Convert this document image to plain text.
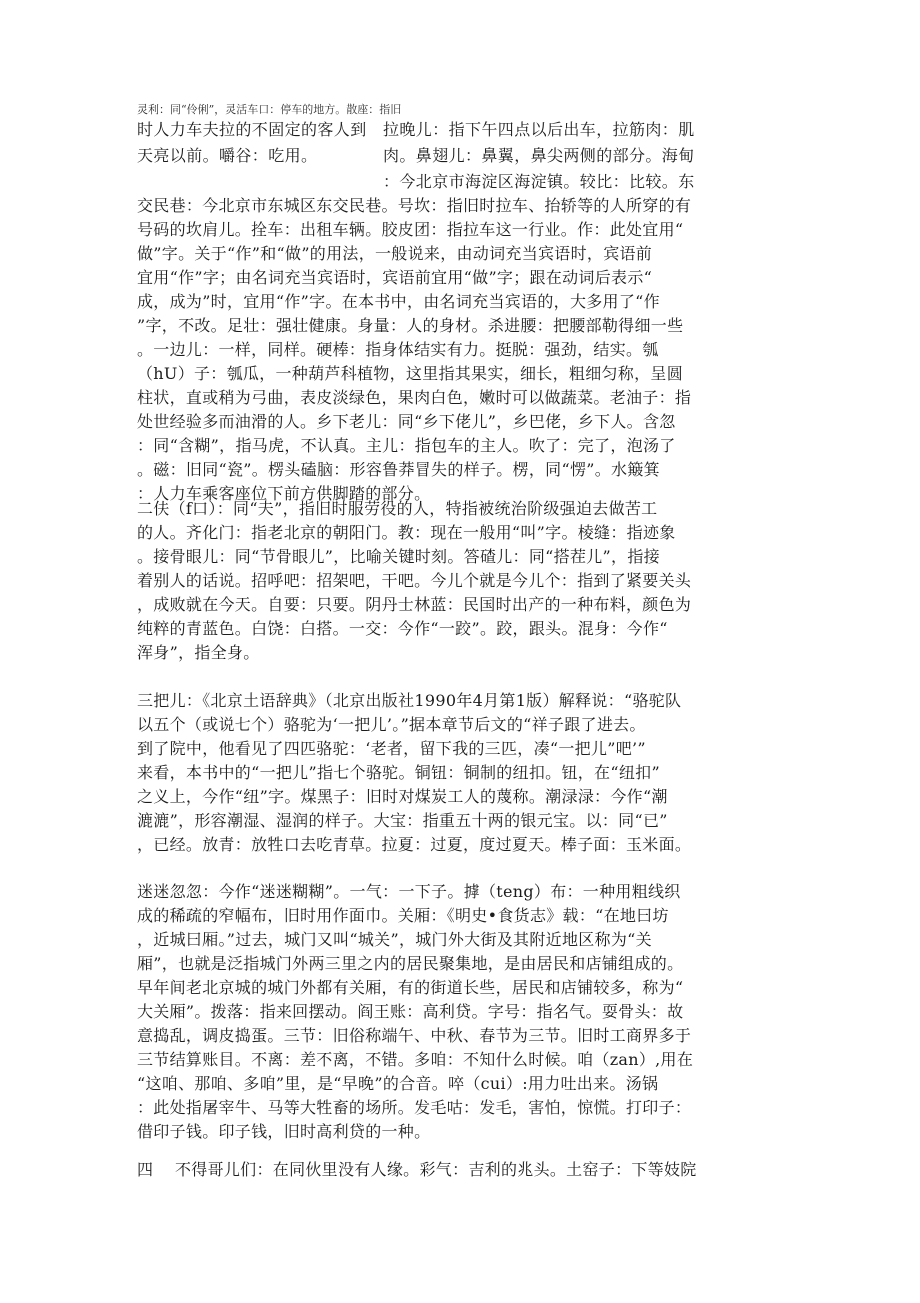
灵利：同“伶俐”，灵活车口：停车的地方。散座：指旧
时人力车夫拉的不固定的客人到
天亮以前。嚼谷：吃用。
拉晚儿：指下午四点以后出车，拉筋肉：肌
肉。鼻翅儿：鼻翼，鼻尖两侧的部分。海甸
：今北京市海淀区海淀镇。较比：比较。东
交民巷：今北京市东城区东交民巷。号坎：指旧时拉车、抬轿等的人所穿的有
号码的坎肩儿。拴车：出租车辆。胶皮团：指拉车这一行业。作：此处宜用“
做”字。关于“作”和“做”的用法，一般说来，由动词充当宾语时，宾语前
宜用“作”字；由名词充当宾语时，宾语前宜用“做”字；跟在动词后表示“
成，成为”时，宜用“作”字。在本书中，由名词充当宾语的，大多用了“作
”字，不改。足壮：强壮健康。身量：人的身材。杀进腰：把腰部勒得细一些
。一边儿：一样，同样。硬棒：指身体结实有力。挺脱：强劲，结实。瓠
（hU）子：瓠瓜，一种葫芦科植物，这里指其果实，细长，粗细匀称，呈圆
柱状，直或稍为弓曲，表皮淡绿色，果肉白色，嫩时可以做蔬菜。老油子：指
处世经验多而油滑的人。乡下老儿：同“乡下佬儿”，乡巴佬，乡下人。含忽
：同“含糊”，指马虎，不认真。主儿：指包车的主人。吹了：完了，泡汤了
。磁：旧同“瓷”。楞头磕脑：形容鲁莽冒失的样子。楞，同“愣”。水簸箕
：人力车乘客座位下前方供脚踏的部分。
二伕（f口）：同“夫”，指旧时服劳役的人，特指被统治阶级强迫去做苦工
的人。齐化门：指老北京的朝阳门。教：现在一般用“叫”字。棱缝：指迹象
。接骨眼儿：同“节骨眼儿”，比喻关键时刻。答碴儿：同“搭茬儿”，指接
着别人的话说。招呼吧：招架吧，干吧。今儿个就是今儿个：指到了紧要关头
，成败就在今天。自要：只要。阴丹士林蓝：民国时出产的一种布料，颜色为
纯粹的青蓝色。白饶：白搭。一交：今作“一跤”。跤，跟头。混身：今作“
浑身”，指全身。
三把儿：《北京土语辞典》（北京出版社1990年4月第1版）解释说：“骆驼队
以五个（或说七个）骆驼为‘一把儿’。”据本章节后文的“祥子跟了进去。
到了院中，他看见了四匹骆驼：‘老者，留下我的三匹，凑“一把儿”吧’”
来看，本书中的“一把儿”指七个骆驼。铜钮：铜制的纽扣。钮，在“纽扣”
之义上，今作“纽”字。煤黑子：旧时对煤炭工人的蔑称。潮渌渌：今作“潮
漉漉”，形容潮湿、湿润的样子。大宝：指重五十两的银元宝。以：同“已”
，已经。放青：放牲口去吃青草。拉夏：过夏，度过夏天。棒子面：玉米面。
迷迷忽忽：今作“迷迷糊糊”。一气：一下子。摢（teng）布：一种用粗线织
成的稀疏的窄幅布，旧时用作面巾。关厢：《明史•食货志》载：“在地曰坊
，近城曰厢。”过去，城门又叫“城关”，城门外大街及其附近地区称为“关
厢”，也就是泛指城门外两三里之内的居民聚集地，是由居民和店铺组成的。
早年间老北京城的城门外都有关厢，有的街道长些，居民和店铺较多，称为“
大关厢”。拨落：指来回摆动。阎王账：高利贷。字号：指名气。耍骨头：故
意捣乱，调皮捣蛋。三节：旧俗称端午、中秋、春节为三节。旧时工商界多于
三节结算账目。不离：差不离，不错。多咱：不知什么时候。咱（zan）,用在
“这咱、那咱、多咱”里，是“早晚”的合音。啐（cui）:用力吐出来。汤锅
：此处指屠宰牛、马等大牲畜的场所。发毛咕：发毛，害怕，惊慌。打印子：
借印子钱。印子钱，旧时高利贷的一种。
四　 不得哥儿们：在同伙里没有人缘。彩气：吉利的兆头。土窑子：下等妓院
